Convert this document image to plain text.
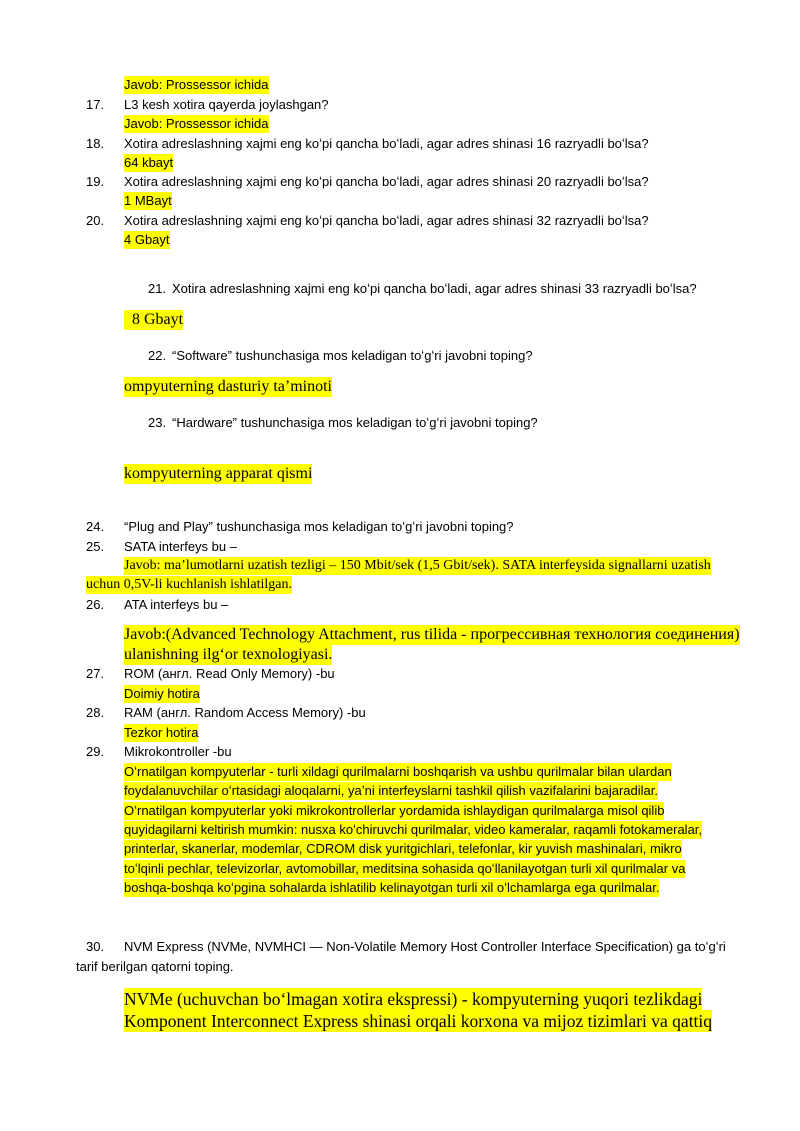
Javob: Prossessor ichida
17.	L3 kesh xotira qayerda joylashgan?
Javob: Prossessor ichida
18.	Xotira adreslashning xajmi eng koʻpi qancha boʻladi, agar adres shinasi 16 razryadli boʻlsa?
64 kbayt
19.	Xotira adreslashning xajmi eng koʻpi qancha boʻladi, agar adres shinasi 20 razryadli boʻlsa?
1 MBayt
20.	Xotira adreslashning xajmi eng koʻpi qancha boʻladi, agar adres shinasi 32 razryadli boʻlsa?
4 Gbayt
21. Xotira adreslashning xajmi eng koʻpi qancha boʻladi, agar adres shinasi 33 razryadli boʻlsa?
8 Gbayt
22. “Software” tushunchasiga mos keladigan toʻgʻri javobni toping?
ompyuterning dasturiy ta’minoti
23. “Hardware” tushunchasiga mos keladigan toʻgʻri javobni toping?
kompyuterning apparat qismi
24.	“Plug and Play” tushunchasiga mos keladigan toʻgʻri javobni toping?
25.	SATA interfeys bu –
Javob: ma’lumotlarni uzatish tezligi – 150 Mbit/sek (1,5 Gbit/sek). SATA interfeysida signallarni uzatish
uchun 0,5V-li kuchlanish ishlatilgan.
26.	ATA interfeys bu –
Javob:(Advanced Technology Attachment, rus tilida - прогрессивная технология соединения)
ulanishning ilgʻor texnologiyasi.
27.	ROM (англ. Read Only Memory) -bu
Doimiy hotira
28.	RAM (англ. Random Access Memory) -bu
Tezkor hotira
29.	Mikrokontroller -bu
Oʻrnatilgan kompyuterlar - turli xildagi qurilmalarni boshqarish va ushbu qurilmalar bilan ulardan
foydalanuvchilar oʻrtasidagi aloqalarni, yaʼni interfeyslarni tashkil qilish vazifalarini bajaradilar.
Oʻrnatilgan kompyuterlar yoki mikrokontrollerlar yordamida ishlaydigan qurilmalarga misol qilib
quyidagilarni keltirish mumkin: nusxa koʻchiruvchi qurilmalar, video kameralar, raqamli fotokameralar,
printerlar, skanerlar, modemlar, CDROM disk yuritgichlari, telefonlar, kir yuvish mashinalari, mikro
toʻlqinli pechlar, televizorlar, avtomobillar, meditsina sohasida qoʻllanilayotgan turli xil qurilmalar va
boshqa-boshqa koʻpgina sohalarda ishlatilib kelinayotgan turli xil oʻlchamlarga ega qurilmalar.
30.	NVM Express (NVMe, NVMHCI — Non-Volatile Memory Host Controller Interface Specification) ga toʻgʻri
tarif berilgan qatorni toping.
NVMe (uchuvchan boʻlmagan xotira ekspressi) - kompyuterning yuqori tezlikdagi
Komponent Interconnect Express shinasi orqali korxona va mijoz tizimlari va qattiq
